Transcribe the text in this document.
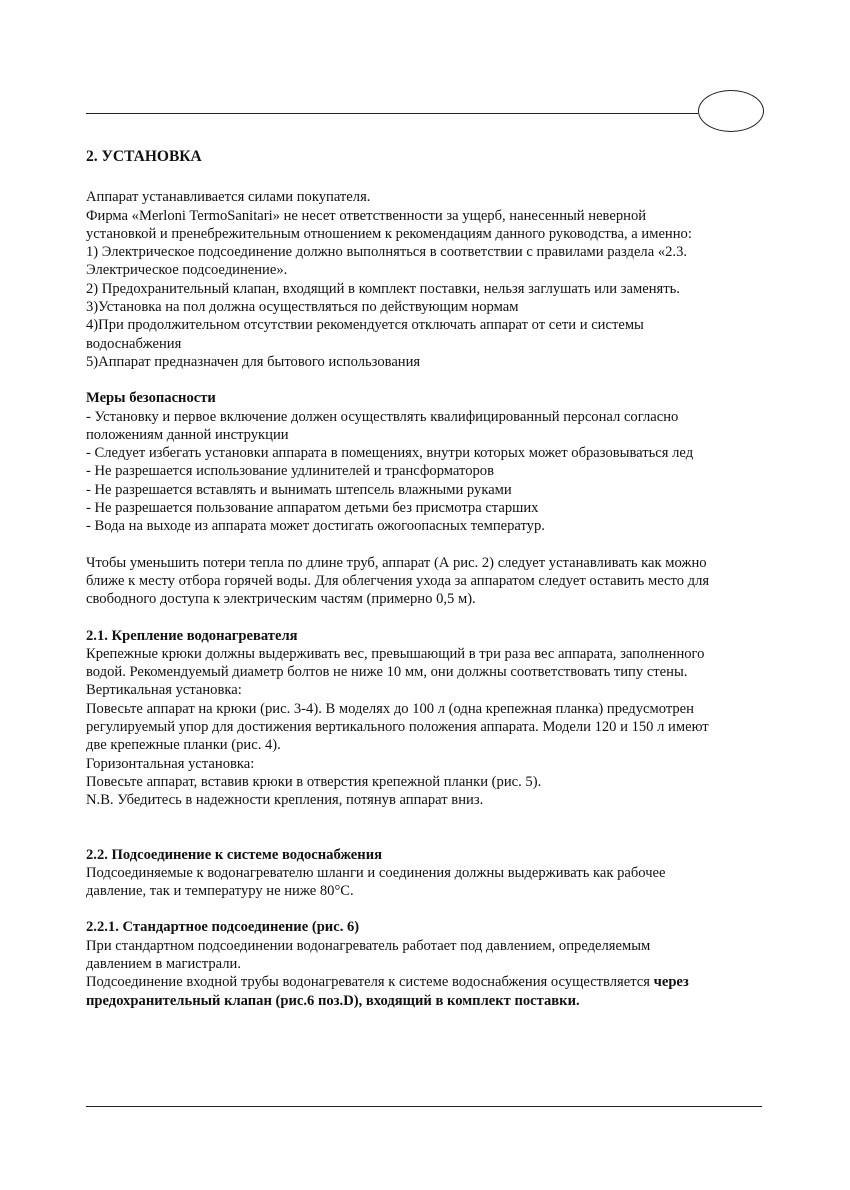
2. УСТАНОВКА

Аппарат устанавливается силами покупателя.

Фирма «Merloni TermoSanitari» не несет ответственности за ущерб, нанесенный неверной

установкой и пренебрежительным отношением к рекомендациям данного руководства, а именно:

1) Электрическое подсоединение должно выполняться в соответствии с правилами раздела «2.3.

Электрическое подсоединение».

2) Предохранительный клапан, входящий в комплект поставки, нельзя заглушать или заменять.

3)Установка на пол должна осуществляться по действующим нормам

4)При продолжительном отсутствии рекомендуется отключать аппарат от сети и системы

водоснабжения

5)Аппарат предназначен для бытового использования

Меры безопасности

- Установку и первое включение должен осуществлять квалифицированный персонал согласно

положениям данной инструкции

- Следует избегать установки аппарата в помещениях, внутри которых может образовываться лед

- Не разрешается использование удлинителей и трансформаторов

- Не разрешается вставлять и вынимать штепсель влажными руками

- Не разрешается пользование аппаратом детьми без присмотра старших

- Вода на выходе из аппарата может достигать ожогоопасных температур.

Чтобы уменьшить потери тепла по длине труб, аппарат (А рис. 2) следует устанавливать как можно

ближе к месту отбора горячей воды. Для облегчения ухода за аппаратом следует оставить место для

свободного доступа к электрическим частям (примерно 0,5 м).

2.1. Крепление водонагревателя

Крепежные крюки должны выдерживать вес, превышающий в три раза вес аппарата, заполненного

водой. Рекомендуемый диаметр болтов не ниже 10 мм, они должны соответствовать типу стены.

Вертикальная установка:

Повесьте аппарат на крюки (рис. 3-4). В моделях до 100 л (одна крепежная планка) предусмотрен

регулируемый упор для достижения вертикального положения аппарата. Модели 120 и 150 л имеют

две крепежные планки (рис. 4).

Горизонтальная установка:

Повесьте аппарат, вставив крюки в отверстия крепежной планки (рис. 5).

N.B. Убедитесь в надежности крепления, потянув аппарат вниз.

2.2. Подсоединение к системе водоснабжения

Подсоединяемые к водонагревателю шланги и соединения должны выдерживать как рабочее

давление, так и температуру не ниже 80°С.

2.2.1. Стандартное подсоединение (рис. 6)

При стандартном подсоединении водонагреватель работает под давлением, определяемым

давлением в магистрали.

Подсоединение входной трубы водонагревателя к системе водоснабжения осуществляется через

предохранительный клапан (рис.6 поз.D), входящий в комплект поставки.
